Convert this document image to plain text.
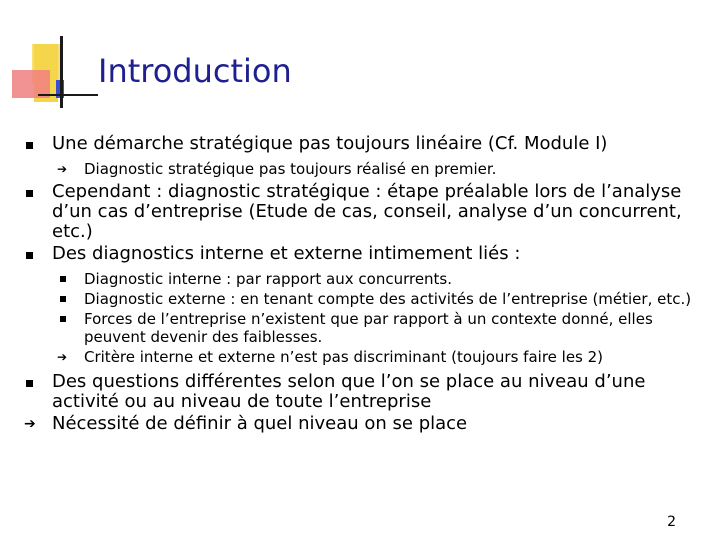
Introduction
Une démarche stratégique pas toujours linéaire (Cf. Module I)
➔ Diagnostic stratégique pas toujours réalisé en premier.
Cependant : diagnostic stratégique : étape préalable lors de l’analyse d’un cas d’entreprise (Etude de cas, conseil, analyse d’un concurrent, etc.)
Des diagnostics interne et externe intimement liés :
Diagnostic interne : par rapport aux concurrents.
Diagnostic externe : en tenant compte des activités de l’entreprise (métier, etc.)
Forces de l’entreprise n’existent que par rapport à un contexte donné, elles peuvent devenir des faiblesses.
➔ Critère interne et externe n’est pas discriminant (toujours faire les 2)
Des questions différentes selon que l’on se place au niveau d’une activité ou au niveau de toute l’entreprise
➔ Nécessité de définir à quel niveau on se place
2
